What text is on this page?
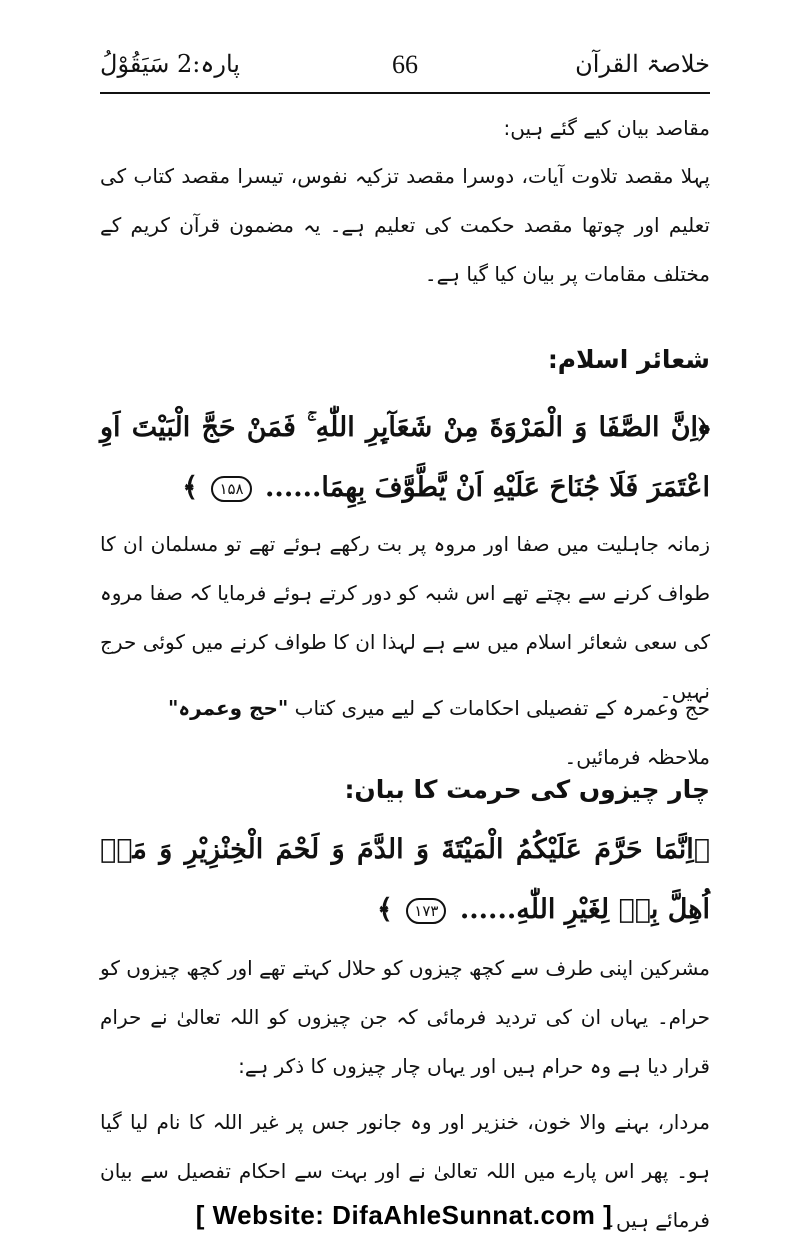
خلاصۃ القرآن
66
پارہ:2 سَیَقُوْلُ
مقاصد بیان کیے گئے ہیں:
پہلا مقصد تلاوت آیات، دوسرا مقصد تزکیہ نفوس، تیسرا مقصد کتاب کی تعلیم اور چوتھا مقصد حکمت کی تعلیم ہے۔ یہ مضمون قرآن کریم کے مختلف مقامات پر بیان کیا گیا ہے۔
شعائر اسلام:
﴿اِنَّ الصَّفَا وَ الْمَرْوَةَ مِنْ شَعَآىِٕرِ اللّٰهِ ۚ فَمَنْ حَجَّ الْبَیْتَ اَوِ اعْتَمَرَ فَلَا جُنَاحَ عَلَیْهِ اَنْ یَّطَّوَّفَ بِهِمَا...... ۱۵۸ ﴾
زمانہ جاہلیت میں صفا اور مروہ پر بت رکھے ہوئے تھے تو مسلمان ان کا طواف کرنے سے بچتے تھے اس شبہ کو دور کرتے ہوئے فرمایا کہ صفا مروہ کی سعی شعائر اسلام میں سے ہے لہذا ان کا طواف کرنے میں کوئی حرج نہیں۔
حج وعمرہ کے تفصیلی احکامات کے لیے میری کتاب "حج وعمرہ" ملاحظہ فرمائیں۔
چار چیزوں کی حرمت کا بیان:
﴿اِنَّمَا حَرَّمَ عَلَیْكُمُ الْمَیْتَةَ وَ الدَّمَ وَ لَحْمَ الْخِنْزِیْرِ وَ مَاۤ اُهِلَّ بِهٖ لِغَیْرِ اللّٰهِ...... ۱۷۳ ﴾
مشرکین اپنی طرف سے کچھ چیزوں کو حلال کہتے تھے اور کچھ چیزوں کو حرام۔ یہاں ان کی تردید فرمائی کہ جن چیزوں کو اللہ تعالیٰ نے حرام قرار دیا ہے وہ حرام ہیں اور یہاں چار چیزوں کا ذکر ہے:
مردار، بہنے والا خون، خنزیر اور وہ جانور جس پر غیر اللہ کا نام لیا گیا ہو۔ پھر اس پارے میں اللہ تعالیٰ نے اور بہت سے احکام تفصیل سے بیان فرمائے ہیں۔
[ Website: DifaAhleSunnat.com ]
